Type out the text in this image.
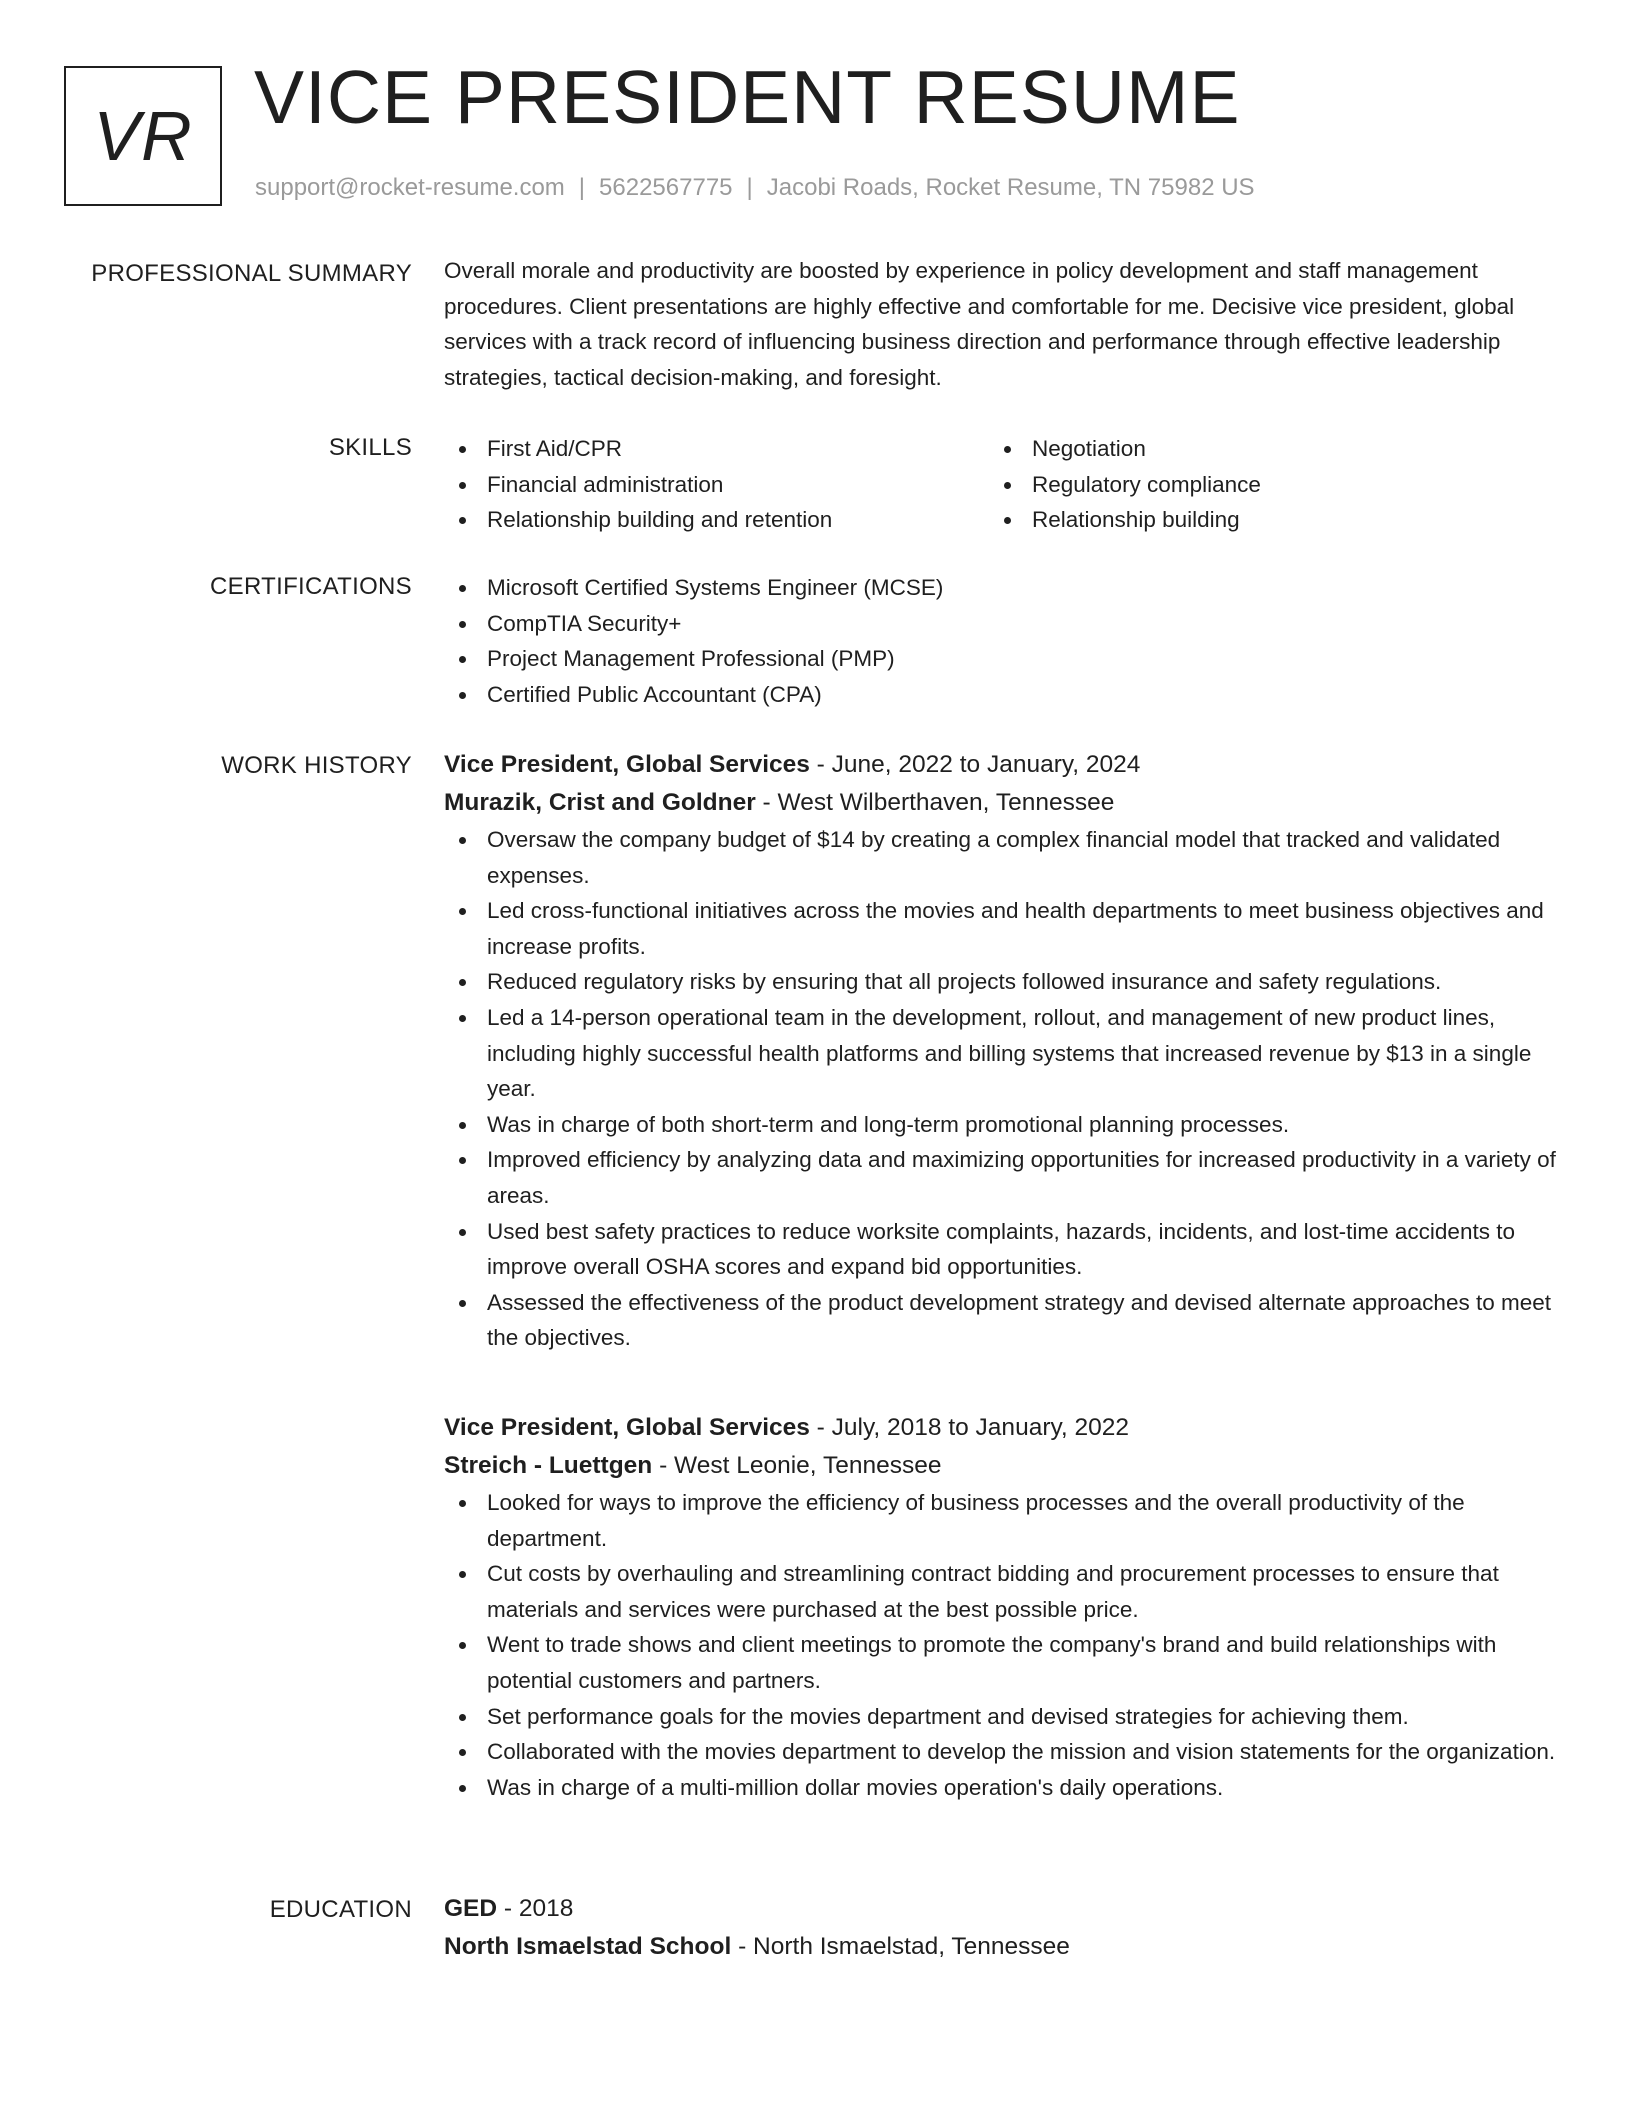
VR VICE PRESIDENT RESUME
support@rocket-resume.com | 5622567775 | Jacobi Roads, Rocket Resume, TN 75982 US
PROFESSIONAL SUMMARY Overall morale and productivity are boosted by experience in policy development and staff management procedures. Client presentations are highly effective and comfortable for me. Decisive vice president, global services with a track record of influencing business direction and performance through effective leadership strategies, tactical decision-making, and foresight.

SKILLS	First Aid/CPR
Financial administration
Relationship building and retention
Negotiation
Regulatory compliance
Relationship building
CERTIFICATIONS	Microsoft Certified Systems Engineer (MCSE)
CompTIA Security+
Project Management Professional (PMP)
Certified Public Accountant (CPA)
WORK HISTORY Vice President, Global Services - June, 2022 to January, 2024
Murazik, Crist and Goldner - West Wilberthaven, Tennessee
Oversaw the company budget of $14 by creating a complex financial model that tracked and validated expenses.
Led cross-functional initiatives across the movies and health departments to meet business objectives and increase profits.
Reduced regulatory risks by ensuring that all projects followed insurance and safety regulations.
Led a 14-person operational team in the development, rollout, and management of new product lines, including highly successful health platforms and billing systems that increased revenue by $13 in a single year.
Was in charge of both short-term and long-term promotional planning processes.
Improved efficiency by analyzing data and maximizing opportunities for increased productivity in a variety of areas.
Used best safety practices to reduce worksite complaints, hazards, incidents, and lost-time accidents to improve overall OSHA scores and expand bid opportunities.
Assessed the effectiveness of the product development strategy and devised alternate approaches to meet the objectives.
Vice President, Global Services - July, 2018 to January, 2022
Streich - Luettgen - West Leonie, Tennessee
Looked for ways to improve the efficiency of business processes and the overall productivity of the department.
Cut costs by overhauling and streamlining contract bidding and procurement processes to ensure that materials and services were purchased at the best possible price.
Went to trade shows and client meetings to promote the company's brand and build relationships with potential customers and partners.
Set performance goals for the movies department and devised strategies for achieving them.
Collaborated with the movies department to develop the mission and vision statements for the organization.
Was in charge of a multi-million dollar movies operation's daily operations.
EDUCATION GED - 2018
North Ismaelstad School - North Ismaelstad, Tennessee
